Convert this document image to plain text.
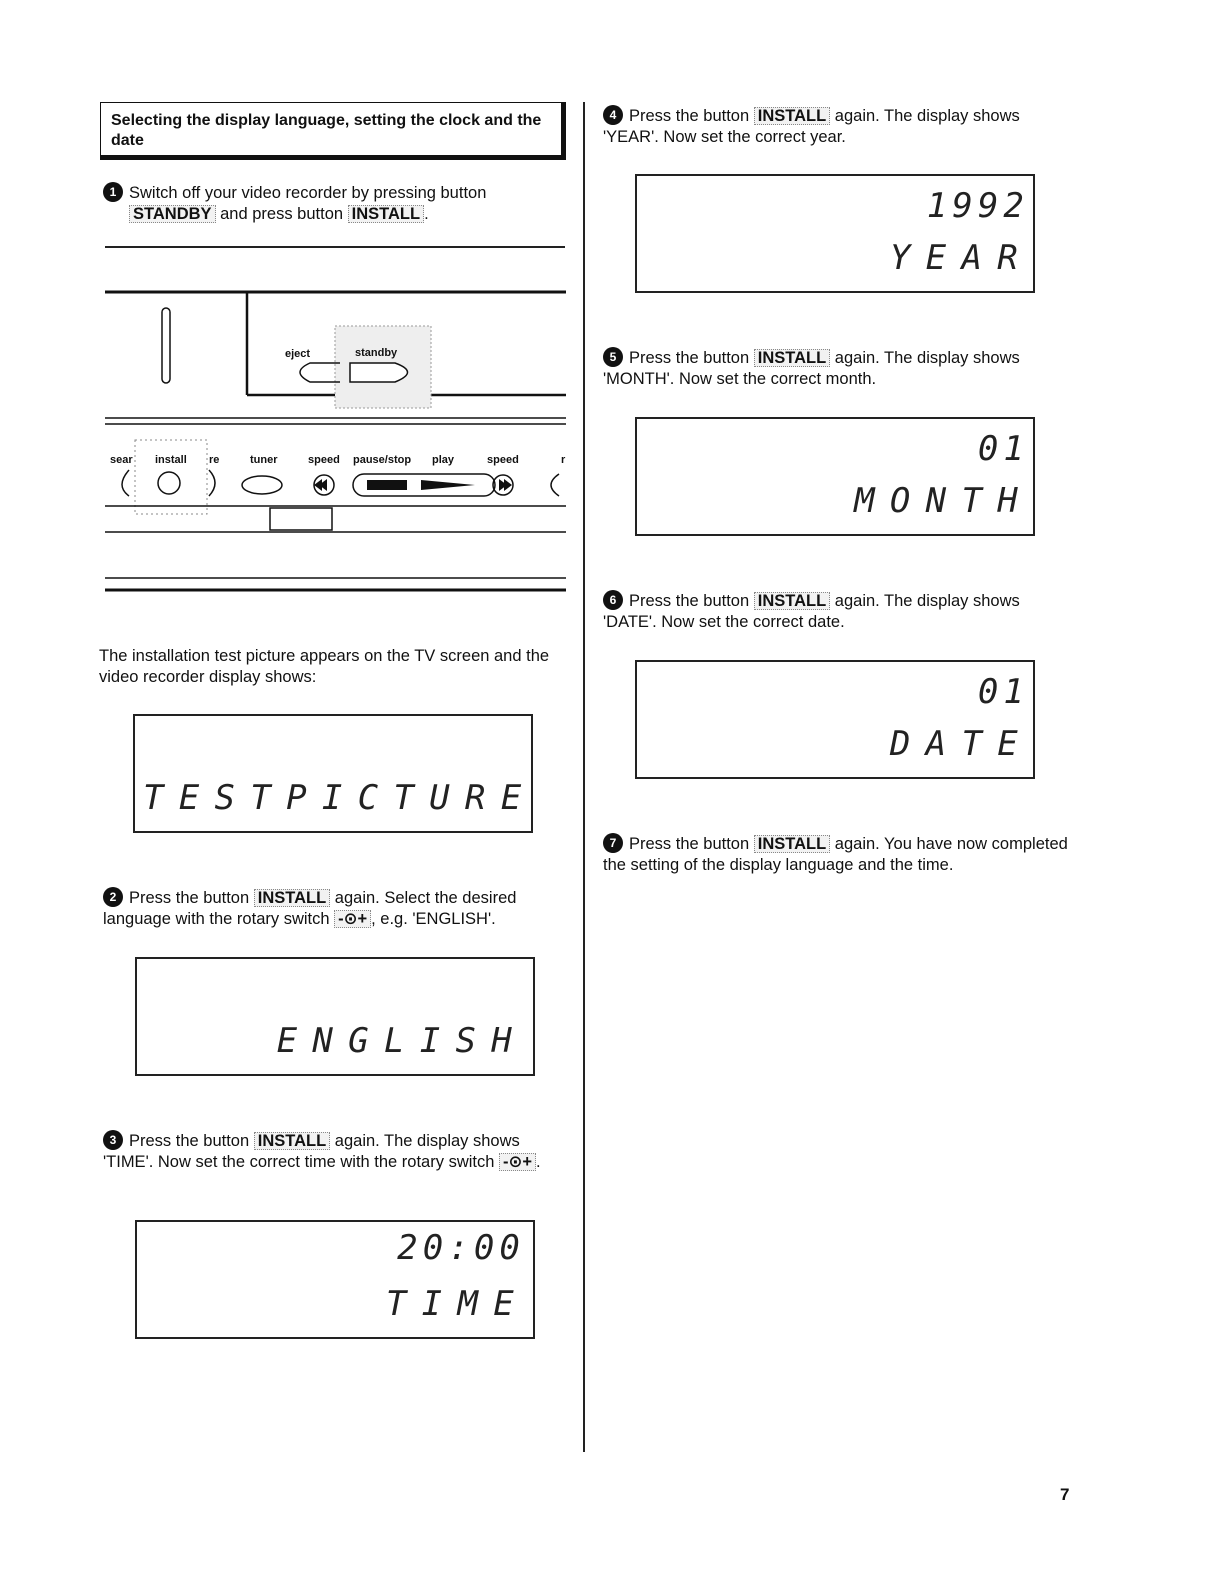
Selecting the display language, setting the clock and the date
1 Switch off your video recorder by pressing button
STANDBY and press button INSTALL .
eject	standby
sear install re	tuner	speed pause/stop play	speed	r
The installation test picture appears on the TV screen and the video recorder display shows:
TESTPICTURE
2 Press the button INSTALL again. Select the desired language with the rotary switch -⊙+ , e.g. 'ENGLISH'.
ENGLISH
3 Press the button INSTALL again. The display shows 'TIME'. Now set the correct time with the rotary switch -⊙+ .
20:00
TIME
4 Press the button INSTALL again. The display shows 'YEAR'. Now set the correct year.
1992
YEAR
5 Press the button INSTALL again. The display shows 'MONTH'. Now set the correct month.
01
MONTH
6 Press the button INSTALL again. The display shows 'DATE'. Now set the correct date.
01
DATE
7 Press the button INSTALL again. You have now completed the setting of the display language and the time.
7
